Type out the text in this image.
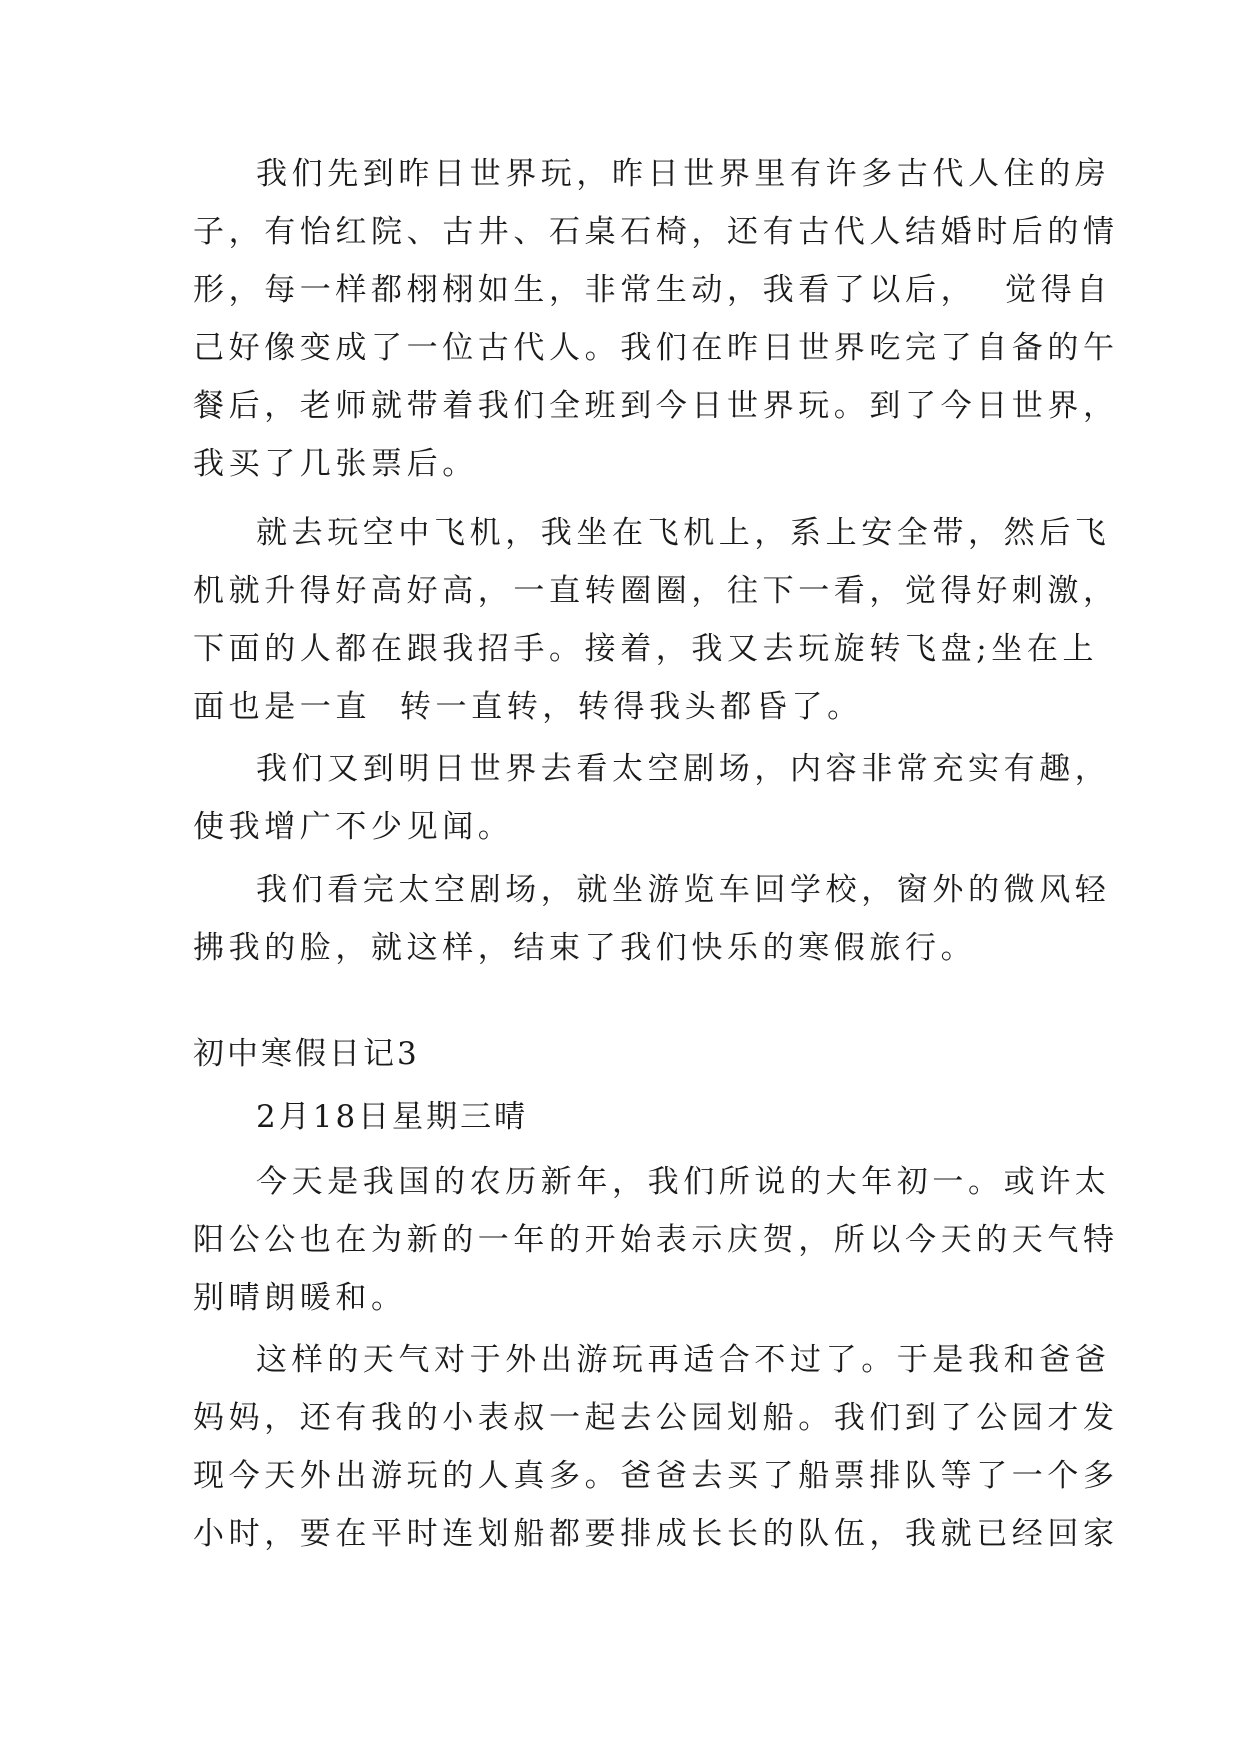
我们先到昨日世界玩，昨日世界里有许多古代人住的房
子，有怡红院、古井、石桌石椅，还有古代人结婚时后的情
形，每一样都栩栩如生，非常生动，我看了以后，  觉得自
己好像变成了一位古代人。我们在昨日世界吃完了自备的午
餐后，老师就带着我们全班到今日世界玩。到了今日世界，
我买了几张票后。
就去玩空中飞机，我坐在飞机上，系上安全带，然后飞
机就升得好高好高，一直转圈圈，往下一看，觉得好刺激，
下面的人都在跟我招手。接着，我又去玩旋转飞盘;坐在上
面也是一直  转一直转，转得我头都昏了。
我们又到明日世界去看太空剧场，内容非常充实有趣，
使我增广不少见闻。
我们看完太空剧场，就坐游览车回学校，窗外的微风轻
拂我的脸，就这样，结束了我们快乐的寒假旅行。
初中寒假日记3
2月18日星期三晴
今天是我国的农历新年，我们所说的大年初一。或许太
阳公公也在为新的一年的开始表示庆贺，所以今天的天气特
别晴朗暖和。
这样的天气对于外出游玩再适合不过了。于是我和爸爸
妈妈，还有我的小表叔一起去公园划船。我们到了公园才发
现今天外出游玩的人真多。爸爸去买了船票排队等了一个多
小时，要在平时连划船都要排成长长的队伍，我就已经回家
